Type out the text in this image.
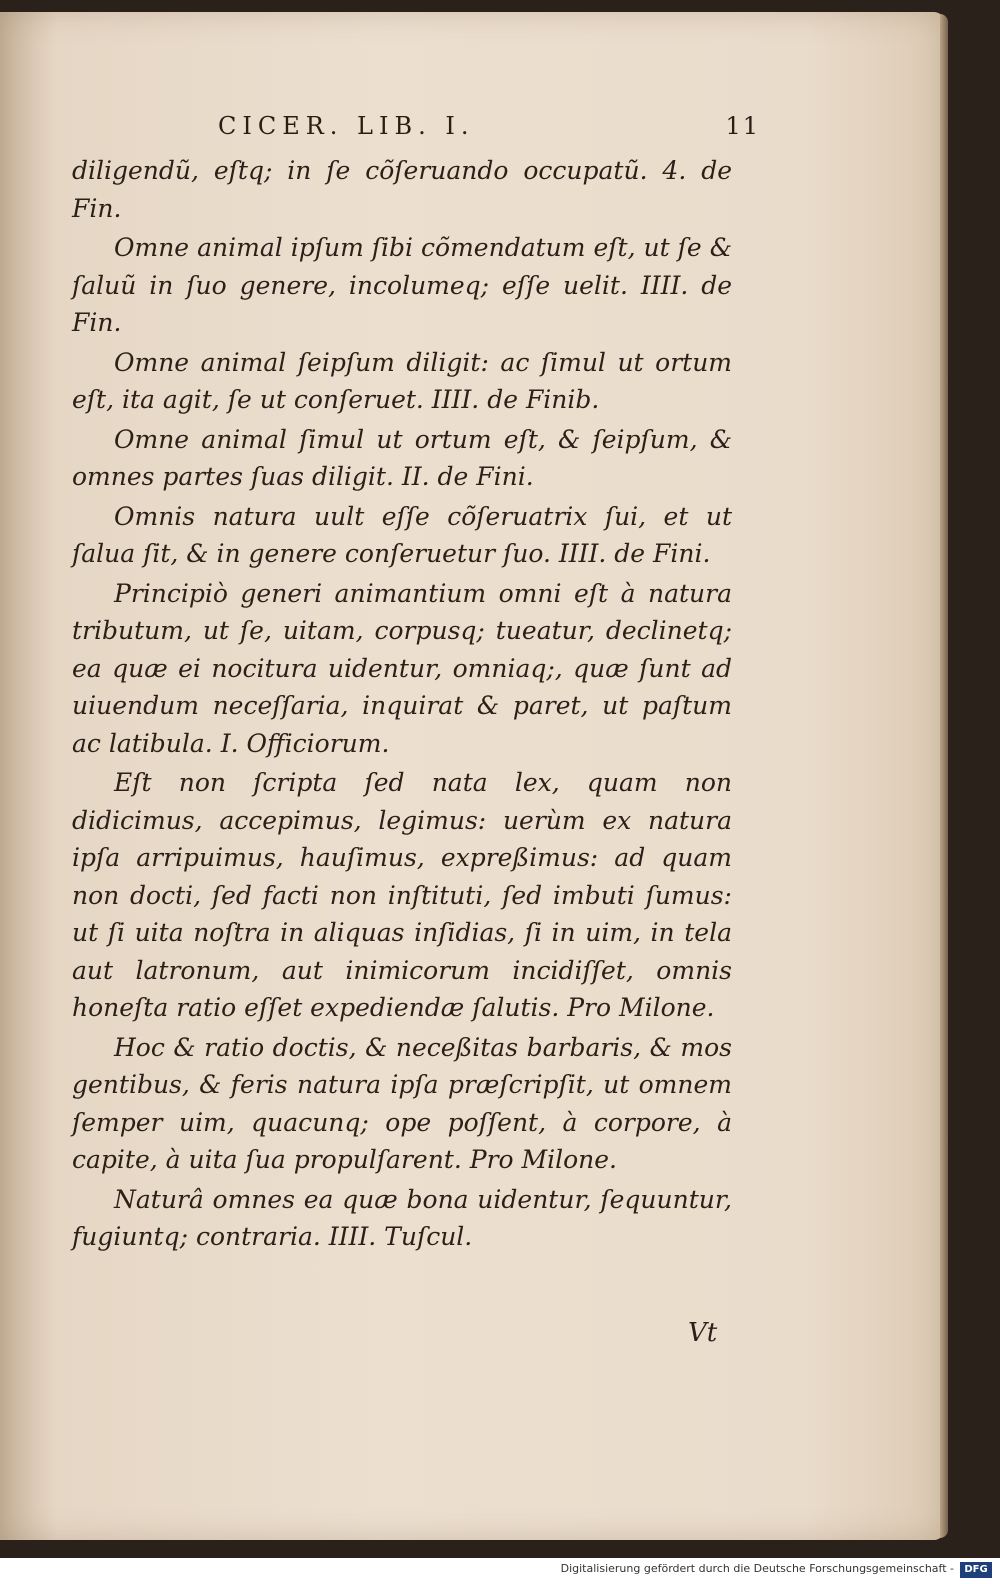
CICER. LIB. I.	11

diligendũ, eſtq; in ſe cõſeruando occupatũ. 4. de Fin.

Omne animal ipſum ſibi cõmendatum eſt, ut ſe & ſaluũ in ſuo genere, incolumeq; eſſe uelit. IIII. de Fin.

Omne animal ſeipſum diligit: ac ſimul ut ortum eſt, ita agit, ſe ut conſeruet. IIII. de Finib.

Omne animal ſimul ut ortum eſt, & ſeipſum, & omnes partes ſuas diligit. II. de Fini.

Omnis natura uult eſſe cõſeruatrix ſui, et ut ſalua ſit, & in genere conſeruetur ſuo. IIII. de Fini.

Principiò generi animantium omni eſt à natura tributum, ut ſe, uitam, corpusq; tueatur, declinetq; ea quæ ei nocitura uidentur, omniaq;, quæ ſunt ad uiuendum neceſſaria, inquirat & paret, ut paſtum ac latibula. I. Officiorum.

Eſt non ſcripta ſed nata lex, quam non didicimus, accepimus, legimus: uerùm ex natura ipſa arripuimus, hauſimus, expreßimus: ad quam non docti, ſed facti non inſtituti, ſed imbuti ſumus: ut ſi uita noſtra in aliquas inſidias, ſi in uim, in tela aut latronum, aut inimicorum incidiſſet, omnis honeſta ratio eſſet expediendæ ſalutis. Pro Milone.

Hoc & ratio doctis, & neceßitas barbaris, & mos gentibus, & feris natura ipſa præſcripſit, ut omnem ſemper uim, quacunq; ope poſſent, à corpore, à capite, à uita ſua propulſarent. Pro Milone.

Naturâ omnes ea quæ bona uidentur, ſequuntur, fugiuntq; contraria. IIII. Tuſcul.

Vt
Digitalisierung gefördert durch die Deutsche Forschungsgemeinschaft -	DFG
